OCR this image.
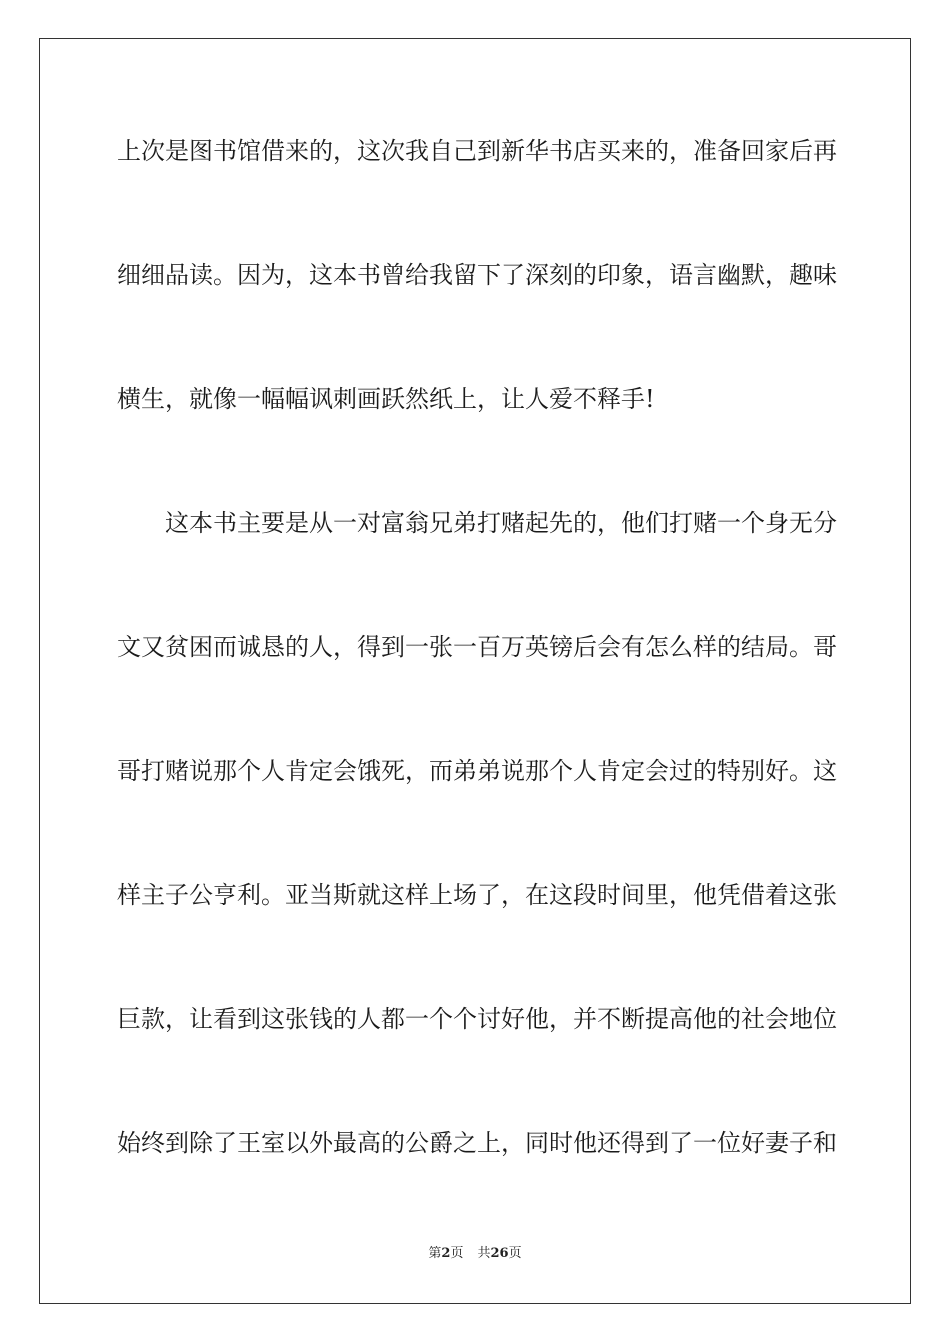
上次是图书馆借来的，这次我自己到新华书店买来的，准备回家后再
细细品读。因为，这本书曾给我留下了深刻的印象，语言幽默，趣味
横生，就像一幅幅讽刺画跃然纸上，让人爱不释手!
　　这本书主要是从一对富翁兄弟打赌起先的，他们打赌一个身无分
文又贫困而诚恳的人，得到一张一百万英镑后会有怎么样的结局。哥
哥打赌说那个人肯定会饿死，而弟弟说那个人肯定会过的特别好。这
样主子公亨利。亚当斯就这样上场了，在这段时间里，他凭借着这张
巨款，让看到这张钱的人都一个个讨好他，并不断提高他的社会地位
始终到除了王室以外最高的公爵之上，同时他还得到了一位好妻子和
第2页 共26页
